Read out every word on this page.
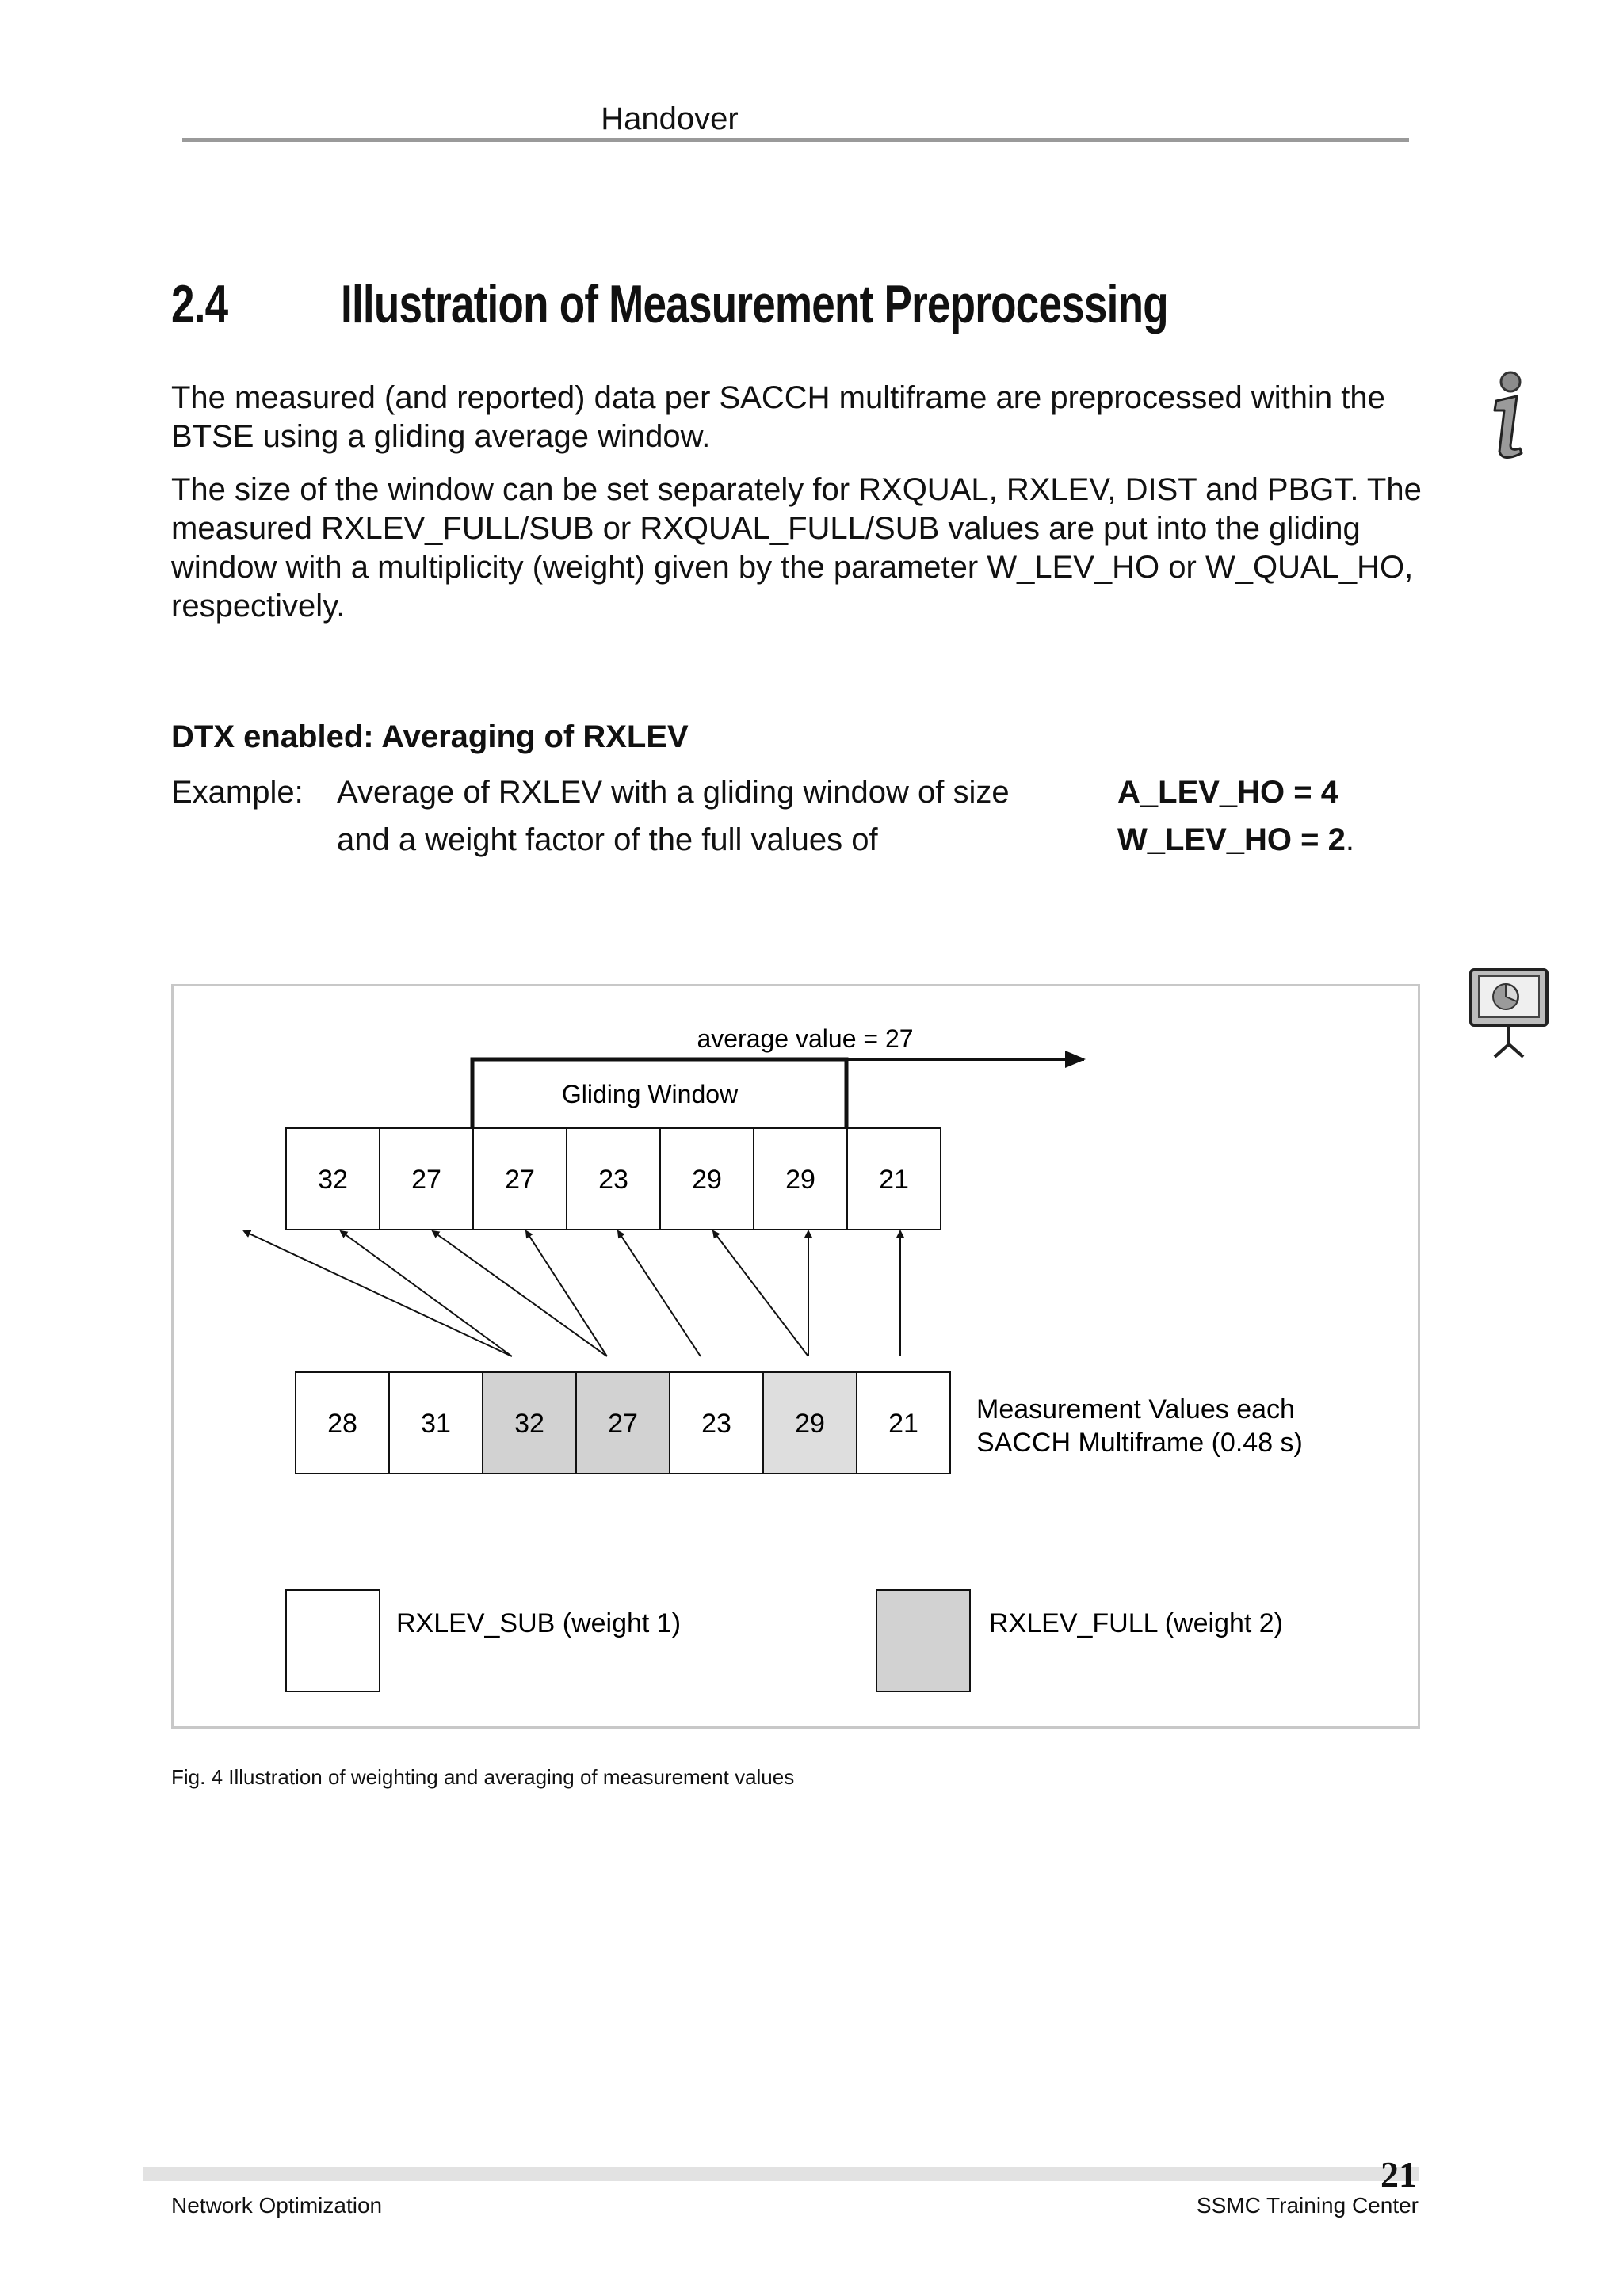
Handover
2.4 Illustration of Measurement Preprocessing

The measured (and reported) data per SACCH multiframe are preprocessed within the BTSE using a gliding average window.

The size of the window can be set separately for RXQUAL, RXLEV, DIST and PBGT. The measured RXLEV_FULL/SUB or RXQUAL_FULL/SUB values are put into the gliding window with a multiplicity (weight) given by the parameter W_LEV_HO or W_QUAL_HO, respectively.

DTX enabled: Averaging of RXLEV
Example: Average of RXLEV with a gliding window of size
and a weight factor of the full values of
A_LEV_HO = 4
W_LEV_HO = 2.
average value = 27
Gliding Window
32 27 27 23 29 29 21
28 31 32 27 23 29 21 Measurement Values each
SACCH Multiframe (0.48 s)
RXLEV_SUB (weight 1)	RXLEV_FULL (weight 2)
Fig. 4 Illustration of weighting and averaging of measurement values
21
Network Optimization	SSMC Training Center
